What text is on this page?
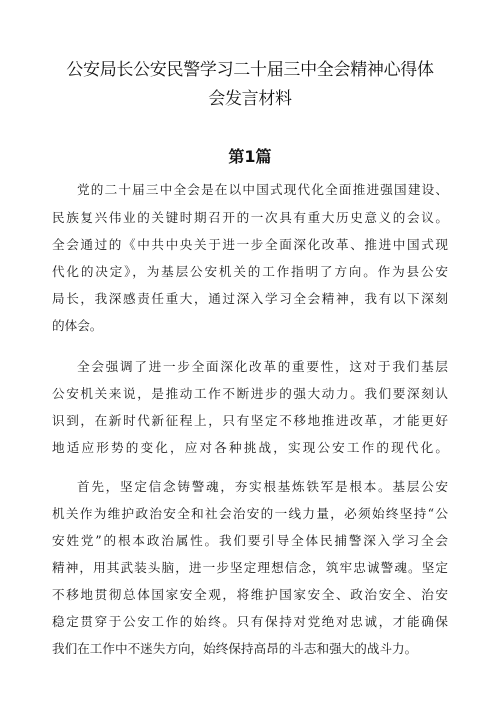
公安局长公安民警学习二十届三中全会精神心得体
会发言材料
第1篇
党的二十届三中全会是在以中国式现代化全面推进强国建设、
民族复兴伟业的关键时期召开的一次具有重大历史意义的会议。
全会通过的《中共中央关于进一步全面深化改革、推进中国式现
代化的决定》，为基层公安机关的工作指明了方向。作为县公安
局长，我深感责任重大，通过深入学习全会精神，我有以下深刻
的体会。
全会强调了进一步全面深化改革的重要性，这对于我们基层
公安机关来说，是推动工作不断进步的强大动力。我们要深刻认
识到，在新时代新征程上，只有坚定不移地推进改革，才能更好
地适应形势的变化，应对各种挑战，实现公安工作的现代化。
首先，坚定信念铸警魂，夯实根基炼铁军是根本。基层公安
机关作为维护政治安全和社会治安的一线力量，必须始终坚持“公
安姓党”的根本政治属性。我们要引导全体民捕警深入学习全会
精神，用其武装头脑，进一步坚定理想信念，筑牢忠诚警魂。坚定
不移地贯彻总体国家安全观，将维护国家安全、政治安全、治安
稳定贯穿于公安工作的始终。只有保持对党绝对忠诚，才能确保
我们在工作中不迷失方向，始终保持高昂的斗志和强大的战斗力。
